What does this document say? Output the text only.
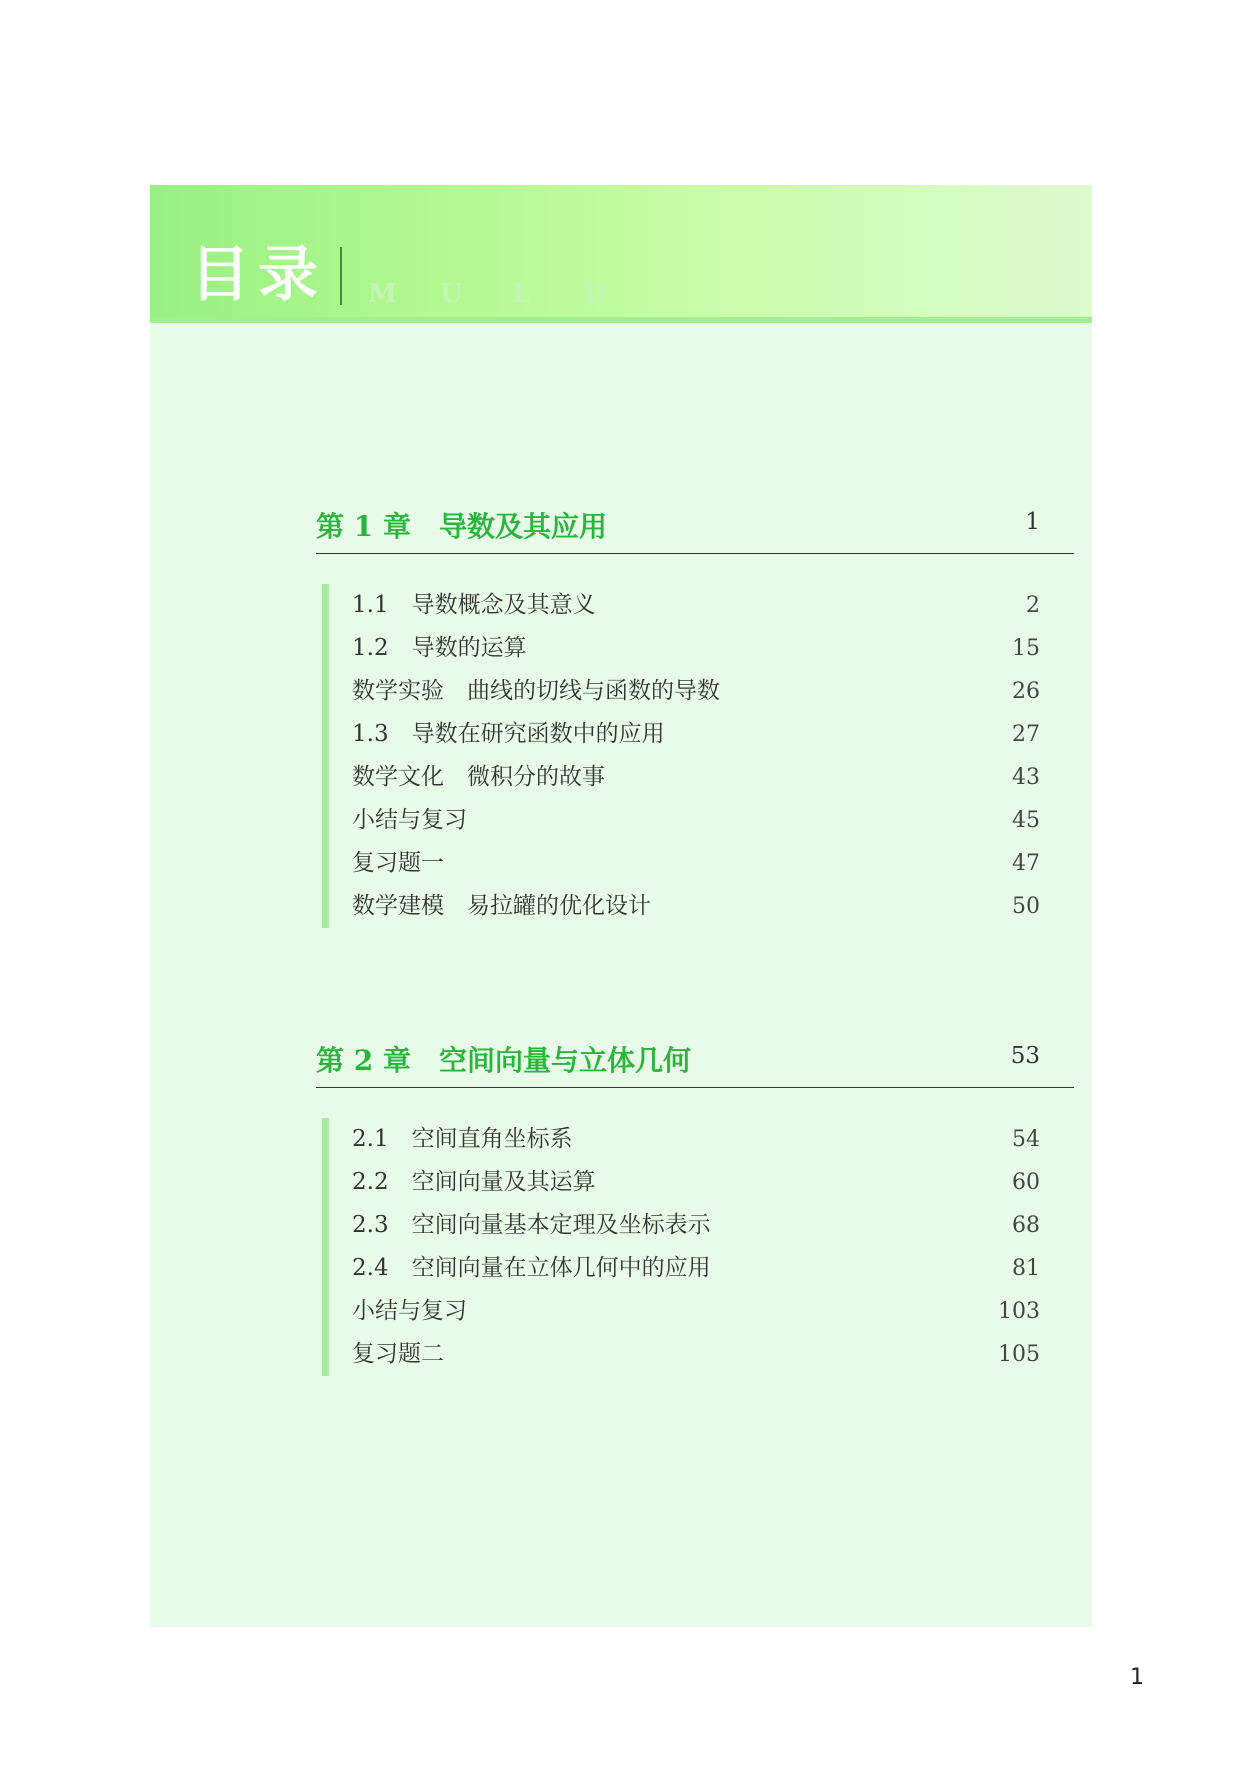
目录 M U L U
第 1 章　导数及其应用	1
1.1　导数概念及其意义	2
1.2　导数的运算	15
数学实验　曲线的切线与函数的导数	26
1.3　导数在研究函数中的应用	27
数学文化　微积分的故事	43
小结与复习	45
复习题一	47
数学建模　易拉罐的优化设计	50
第 2 章　空间向量与立体几何	53
2.1　空间直角坐标系	54
2.2　空间向量及其运算	60
2.3　空间向量基本定理及坐标表示	68
2.4　空间向量在立体几何中的应用	81
小结与复习	103
复习题二	105
1
